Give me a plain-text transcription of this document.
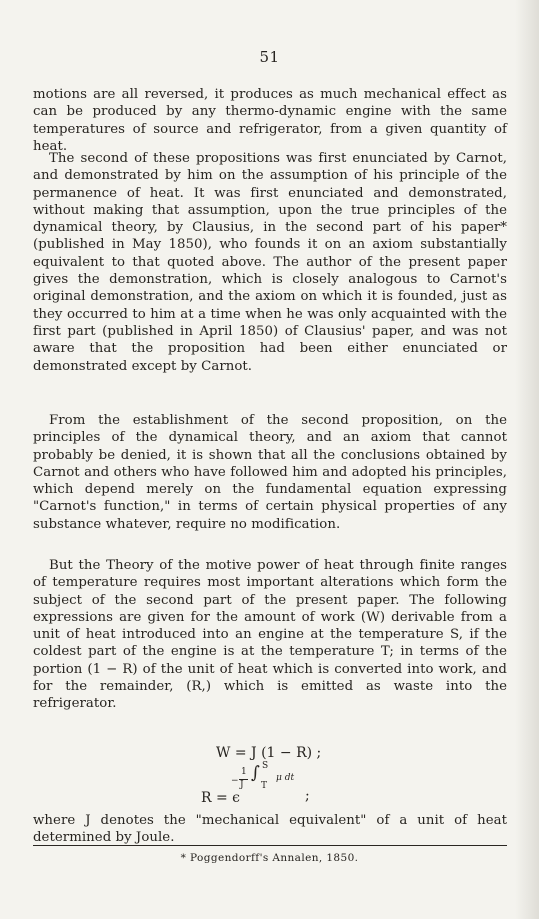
51

motions are all reversed, it produces as much mechanical effect as can be produced by any thermo-dynamic engine with the same temperatures of source and refrigerator, from a given quantity of heat.

The second of these propositions was first enunciated by Carnot, and demonstrated by him on the assumption of his principle of the permanence of heat. It was first enunciated and demonstrated, without making that assumption, upon the true principles of the dynamical theory, by Clausius, in the second part of his paper* (published in May 1850), who founds it on an axiom substantially equivalent to that quoted above. The author of the present paper gives the demonstration, which is closely analogous to Carnot's original demonstration, and the axiom on which it is founded, just as they occurred to him at a time when he was only acquainted with the first part (published in April 1850) of Clausius' paper, and was not aware that the proposition had been either enunciated or demonstrated except by Carnot.

From the establishment of the second proposition, on the principles of the dynamical theory, and an axiom that cannot probably be denied, it is shown that all the conclusions obtained by Carnot and others who have followed him and adopted his principles, which depend merely on the fundamental equation expressing "Carnot's function," in terms of certain physical properties of any substance whatever, require no modification.

But the Theory of the motive power of heat through finite ranges of temperature requires most important alterations which form the subject of the second part of the present paper. The following expressions are given for the amount of work (W) derivable from a unit of heat introduced into an engine at the temperature S, if the coldest part of the engine is at the temperature T; in terms of the portion (1 − R) of the unit of heat which is converted into work, and for the remainder, (R,) which is emitted as waste into the refrigerator.

W = J (1 − R) ;
R = ϵ
−
1
J
∫ S
T
μ dt
;

where J denotes the "mechanical equivalent" of a unit of heat determined by Joule.

* Poggendorff's Annalen, 1850.
